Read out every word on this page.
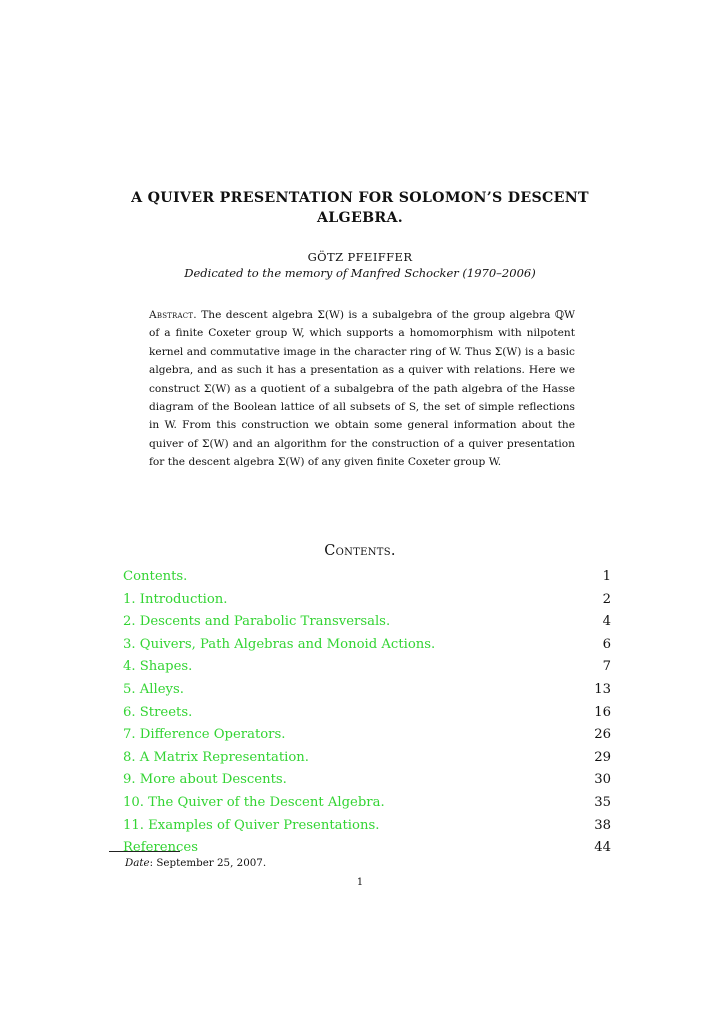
A QUIVER PRESENTATION FOR SOLOMON’S DESCENT
ALGEBRA.
GÖTZ PFEIFFER
Dedicated to the memory of Manfred Schocker (1970–2006)
Abstract. The descent algebra Σ(W) is a subalgebra of the group algebra ℚW of a finite Coxeter group W, which supports a homomorphism with nilpotent kernel and commutative image in the character ring of W. Thus Σ(W) is a basic algebra, and as such it has a presentation as a quiver with relations. Here we construct Σ(W) as a quotient of a subalgebra of the path algebra of the Hasse diagram of the Boolean lattice of all subsets of S, the set of simple reflections in W. From this construction we obtain some general information about the quiver of Σ(W) and an algorithm for the construction of a quiver presentation for the descent algebra Σ(W) of any given finite Coxeter group W.
Contents.
Contents.	1
1. Introduction.	2
2. Descents and Parabolic Transversals.	4
3. Quivers, Path Algebras and Monoid Actions.	6
4. Shapes.	7
5. Alleys.	13
6. Streets.	16
7. Difference Operators.	26
8. A Matrix Representation.	29
9. More about Descents.	30
10. The Quiver of the Descent Algebra.	35
11. Examples of Quiver Presentations.	38
References	44
Date: September 25, 2007.
1
